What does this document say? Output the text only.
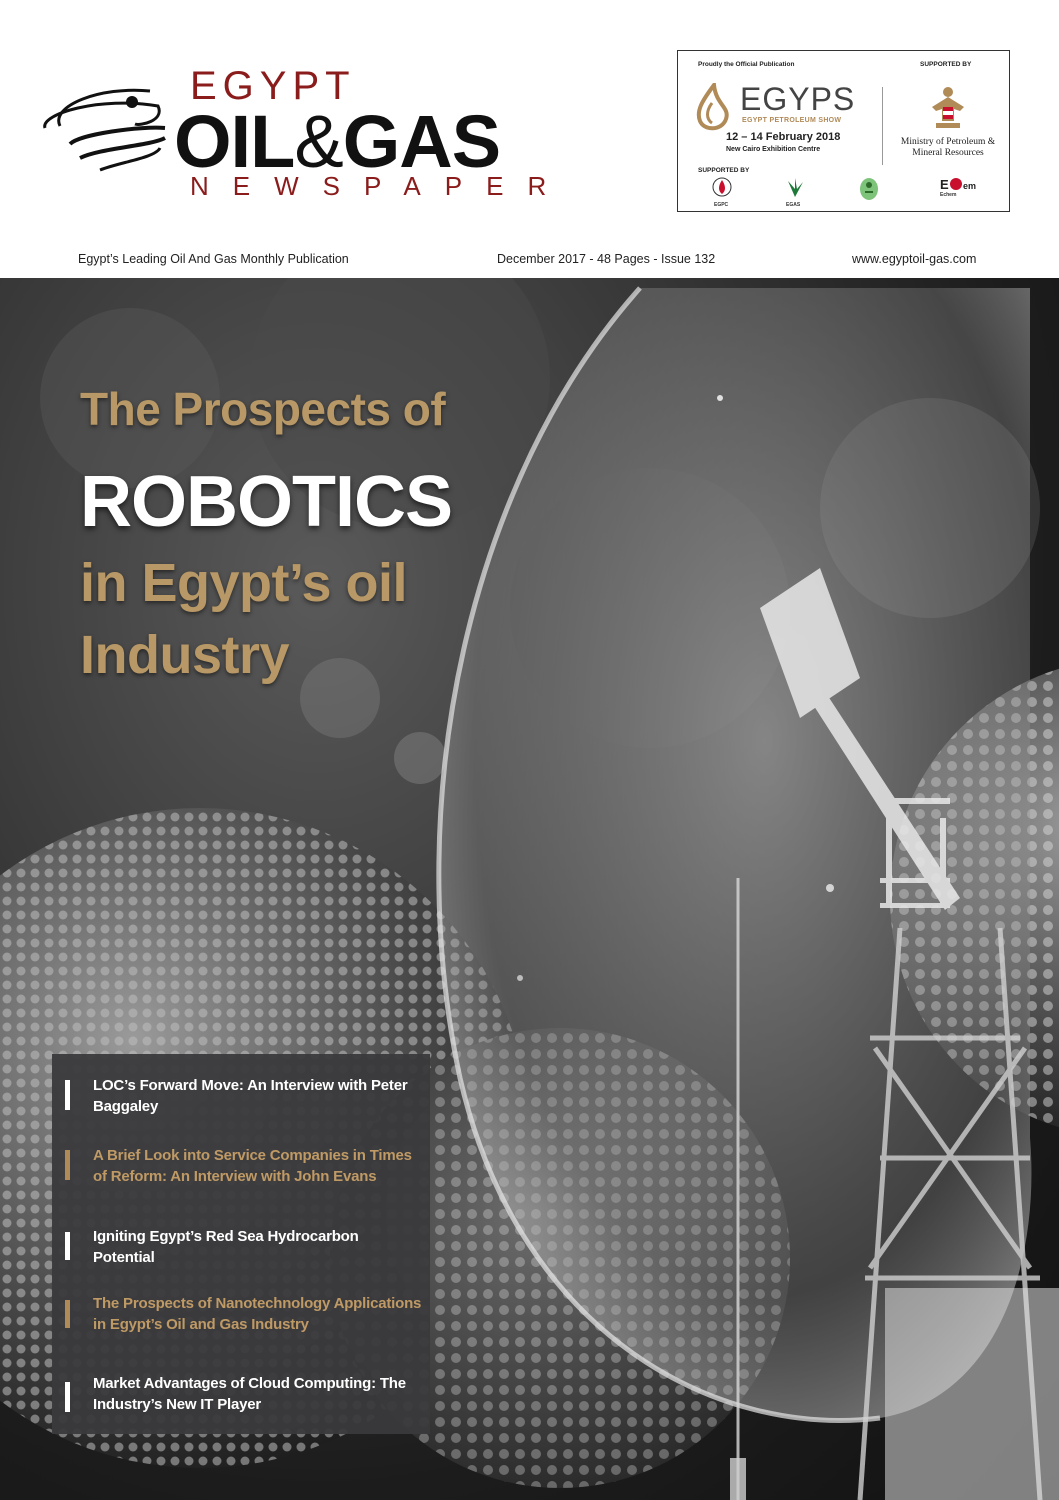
EGYPT
OIL&GAS
NEWSPAPER
Proudly the Official Publication	SUPPORTED BY
EGYPS
EGYPT PETROLEUM SHOW
12 – 14 February 2018
New Cairo Exhibition Centre
Ministry of Petroleum & Mineral Resources
SUPPORTED BY
EGPC	EGAS
E em
Echem
Egypt’s Leading Oil And Gas Monthly Publication	December 2017 - 48 Pages - Issue 132	www.egyptoil-gas.com
The Prospects of
ROBOTICS
in Egypt’s oil
Industry
LOC’s Forward Move: An Interview with Peter Baggaley
A Brief Look into Service Companies in Times of Reform: An Interview with John Evans
Igniting Egypt’s Red Sea Hydrocarbon Potential
The Prospects of Nanotechnology Applications in Egypt’s Oil and Gas Industry
Market Advantages of Cloud Computing: The Industry’s New IT Player
